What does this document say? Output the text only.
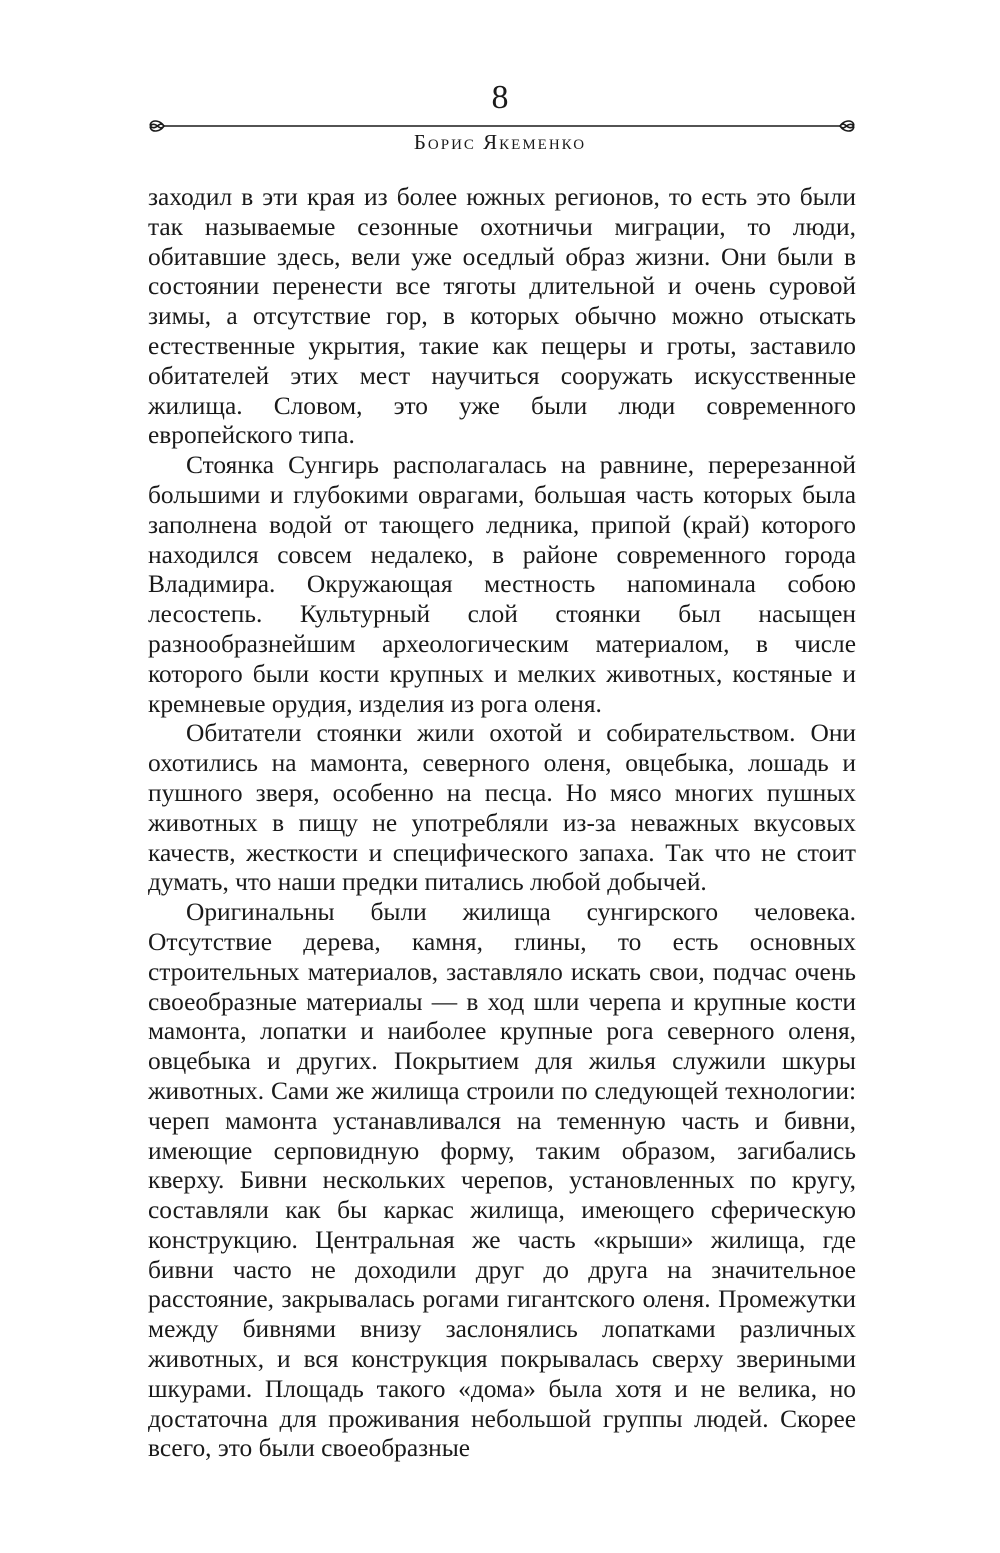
8
Борис Якеменко

заходил в эти края из более южных регионов, то есть это были так называемые сезонные охотничьи миграции, то люди, обитавшие здесь, вели уже оседлый образ жизни. Они были в состоянии перенести все тяготы длительной и очень суровой зимы, а отсутствие гор, в которых обычно можно отыскать естественные укрытия, такие как пещеры и гроты, заставило обитателей этих мест научиться сооружать искусственные жилища. Словом, это уже были люди современного европейского типа.

Стоянка Сунгирь располагалась на равнине, перерезанной большими и глубокими оврагами, большая часть которых была заполнена водой от тающего ледника, припой (край) которого находился совсем недалеко, в районе современного города Владимира. Окружающая местность напоминала собою лесостепь. Культурный слой стоянки был насыщен разнообразнейшим археологическим материалом, в числе которого были кости крупных и мелких животных, костяные и кремневые орудия, изделия из рога оленя.

Обитатели стоянки жили охотой и собирательством. Они охотились на мамонта, северного оленя, овцебыка, лошадь и пушного зверя, особенно на песца. Но мясо многих пушных животных в пищу не употребляли из-за неважных вкусовых качеств, жесткости и специфического запаха. Так что не стоит думать, что наши предки питались любой добычей.

Оригинальны были жилища сунгирского человека. Отсутствие дерева, камня, глины, то есть основных строительных материалов, заставляло искать свои, подчас очень своеобразные материалы — в ход шли черепа и крупные кости мамонта, лопатки и наиболее крупные рога северного оленя, овцебыка и других. Покрытием для жилья служили шкуры животных. Сами же жилища строили по следующей технологии: череп мамонта устанавливался на теменную часть и бивни, имеющие серповидную форму, таким образом, загибались кверху. Бивни нескольких черепов, установленных по кругу, составляли как бы каркас жилища, имеющего сферическую конструкцию. Центральная же часть «крыши» жилища, где бивни часто не доходили друг до друга на значительное расстояние, закрывалась рогами гигантского оленя. Промежутки между бивнями внизу заслонялись лопатками различных животных, и вся конструкция покрывалась сверху звериными шкурами. Площадь такого «дома» была хотя и не велика, но достаточна для проживания небольшой группы людей. Скорее всего, это были своеобразные
